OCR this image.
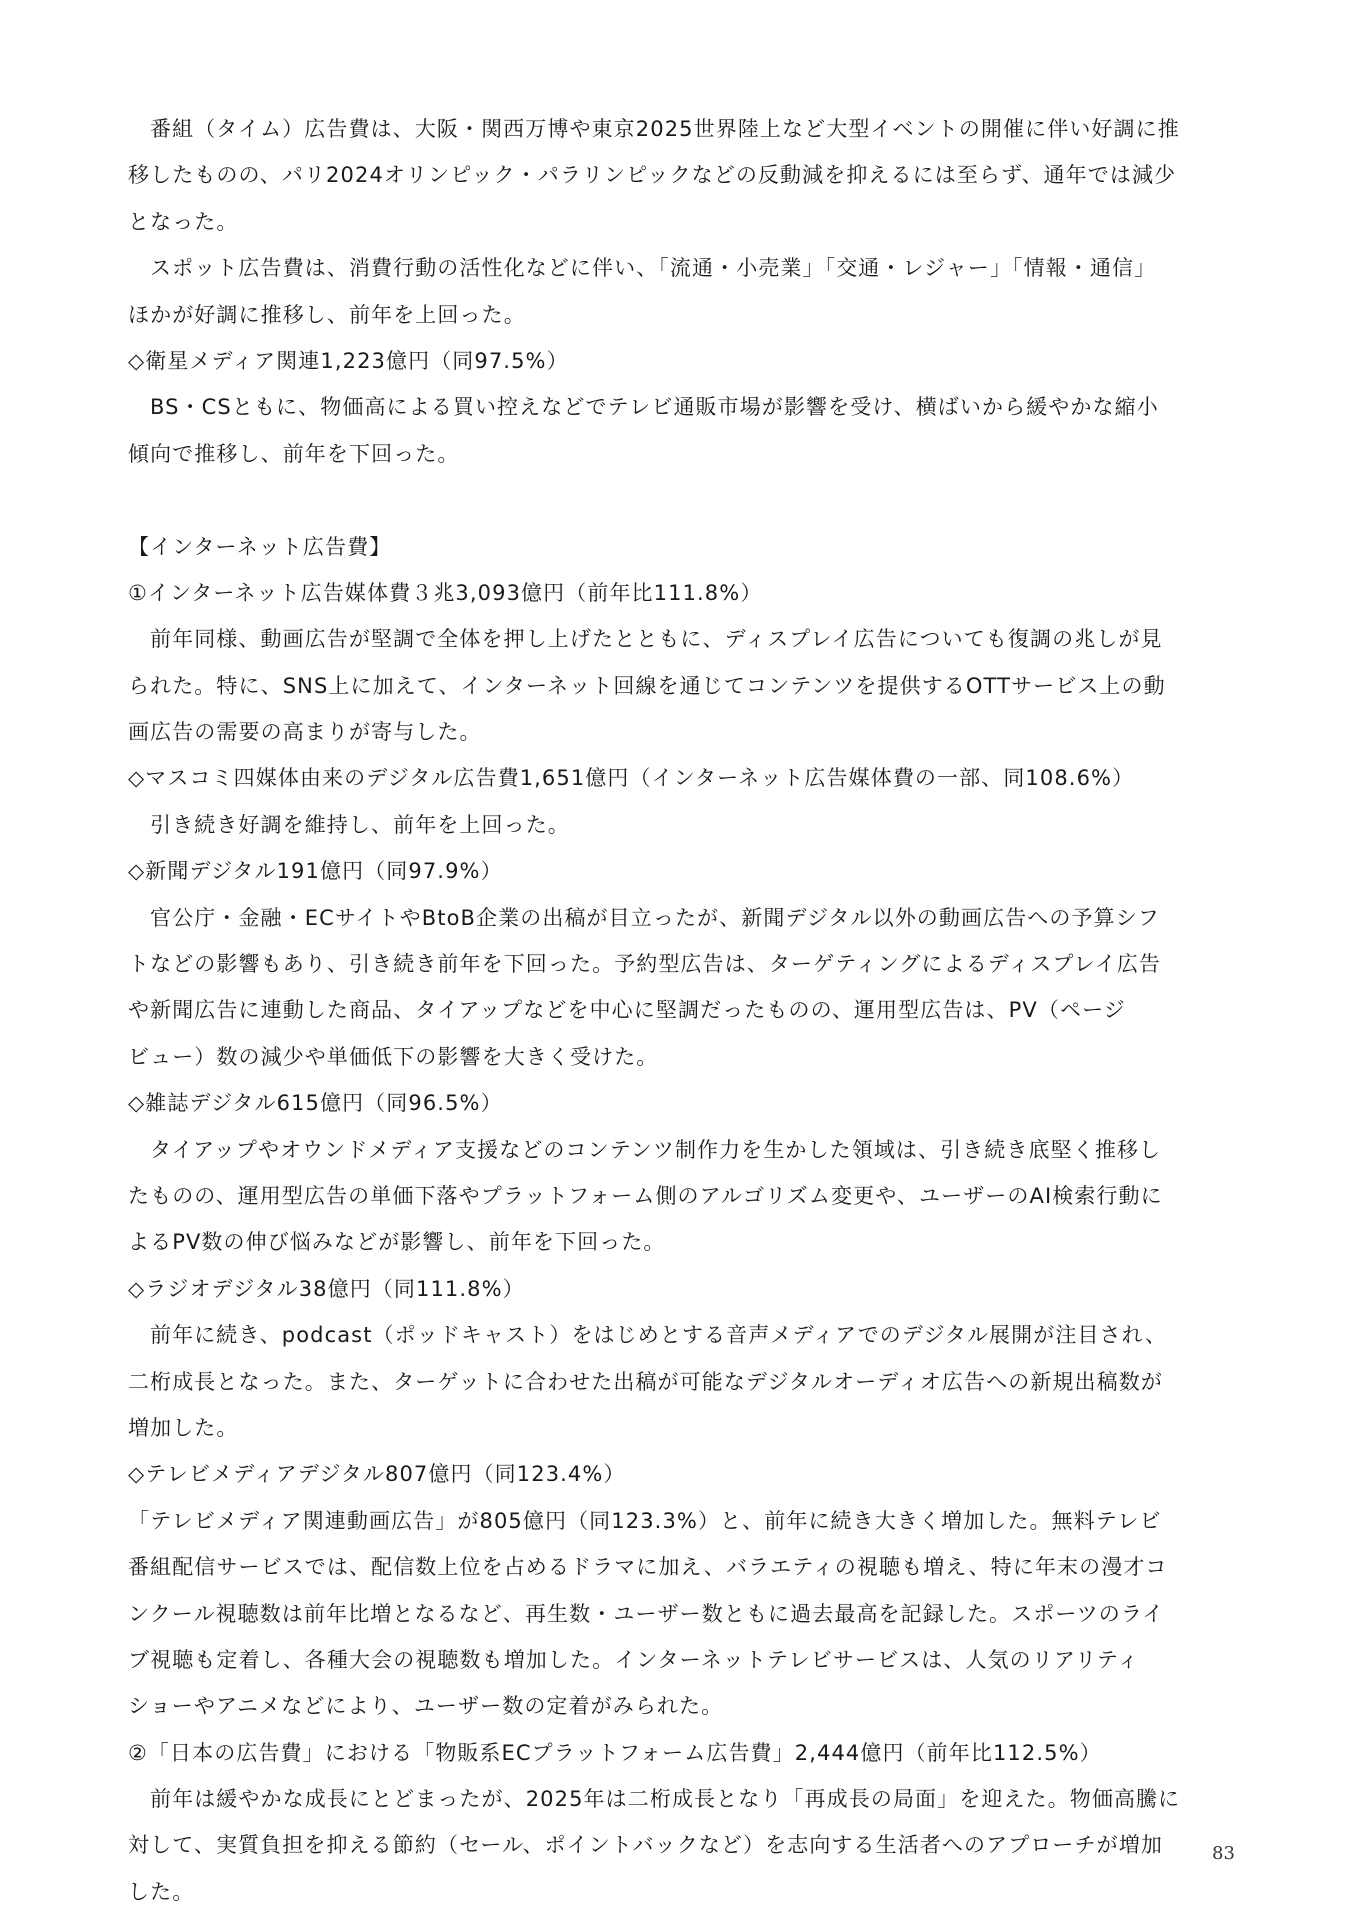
番組（タイム）広告費は、大阪・関西万博や東京2025世界陸上など大型イベントの開催に伴い好調に推
移したものの、パリ2024オリンピック・パラリンピックなどの反動減を抑えるには至らず、通年では減少
となった。
スポット広告費は、消費行動の活性化などに伴い、「流通・小売業」「交通・レジャー」「情報・通信」
ほかが好調に推移し、前年を上回った。
◇衛星メディア関連1,223億円（同97.5%）
BS・CSともに、物価高による買い控えなどでテレビ通販市場が影響を受け、横ばいから緩やかな縮小
傾向で推移し、前年を下回った。
【インターネット広告費】
①インターネット広告媒体費３兆3,093億円（前年比111.8%）
前年同様、動画広告が堅調で全体を押し上げたとともに、ディスプレイ広告についても復調の兆しが見
られた。特に、SNS上に加えて、インターネット回線を通じてコンテンツを提供するOTTサービス上の動
画広告の需要の高まりが寄与した。
◇マスコミ四媒体由来のデジタル広告費1,651億円（インターネット広告媒体費の一部、同108.6%）
引き続き好調を維持し、前年を上回った。
◇新聞デジタル191億円（同97.9%）
官公庁・金融・ECサイトやBtoB企業の出稿が目立ったが、新聞デジタル以外の動画広告への予算シフ
トなどの影響もあり、引き続き前年を下回った。予約型広告は、ターゲティングによるディスプレイ広告
や新聞広告に連動した商品、タイアップなどを中心に堅調だったものの、運用型広告は、PV（ページ
ビュー）数の減少や単価低下の影響を大きく受けた。
◇雑誌デジタル615億円（同96.5%）
タイアップやオウンドメディア支援などのコンテンツ制作力を生かした領域は、引き続き底堅く推移し
たものの、運用型広告の単価下落やプラットフォーム側のアルゴリズム変更や、ユーザーのAI検索行動に
よるPV数の伸び悩みなどが影響し、前年を下回った。
◇ラジオデジタル38億円（同111.8%）
前年に続き、podcast（ポッドキャスト）をはじめとする音声メディアでのデジタル展開が注目され、
二桁成長となった。また、ターゲットに合わせた出稿が可能なデジタルオーディオ広告への新規出稿数が
増加した。
◇テレビメディアデジタル807億円（同123.4%）
「テレビメディア関連動画広告」が805億円（同123.3%）と、前年に続き大きく増加した。無料テレビ
番組配信サービスでは、配信数上位を占めるドラマに加え、バラエティの視聴も増え、特に年末の漫才コ
ンクール視聴数は前年比増となるなど、再生数・ユーザー数ともに過去最高を記録した。スポーツのライ
ブ視聴も定着し、各種大会の視聴数も増加した。インターネットテレビサービスは、人気のリアリティ
ショーやアニメなどにより、ユーザー数の定着がみられた。
②「日本の広告費」における「物販系ECプラットフォーム広告費」2,444億円（前年比112.5%）
前年は緩やかな成長にとどまったが、2025年は二桁成長となり「再成長の局面」を迎えた。物価高騰に
対して、実質負担を抑える節約（セール、ポイントバックなど）を志向する生活者へのアプローチが増加
した。
83
